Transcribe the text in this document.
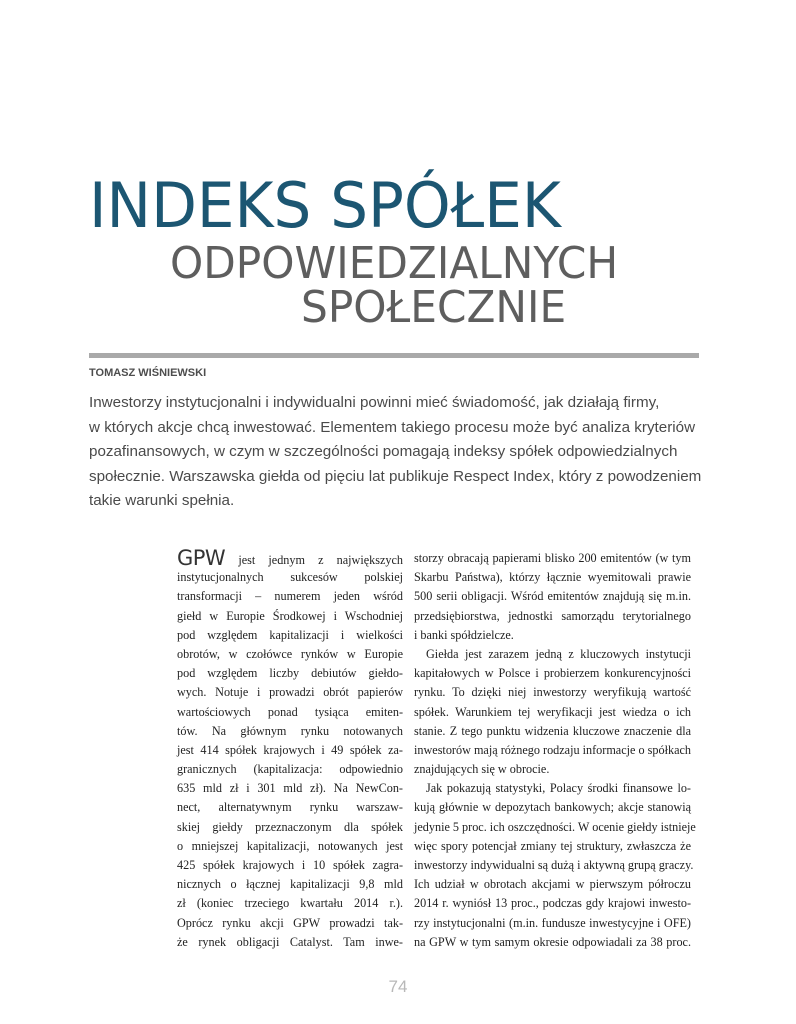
INDEKS SPÓŁEK
ODPOWIEDZIALNYCH
SPOŁECZNIE
TOMASZ WIŚNIEWSKI
Inwestorzy instytucjonalni i indywidualni powinni mieć świadomość, jak działają firmy,
w których akcje chcą inwestować. Elementem takiego procesu może być analiza kryteriów
pozafinansowych, w czym w szczególności pomagają indeksy spółek odpowiedzialnych
społecznie. Warszawska giełda od pięciu lat publikuje Respect Index, który z powodzeniem
takie warunki spełnia.
GPW jest jednym z największych
instytucjonalnych sukcesów polskiej
transformacji – numerem jeden wśród
giełd w Europie Środkowej i Wschodniej
pod względem kapitalizacji i wielkości
obrotów, w czołówce rynków w Europie
pod względem liczby debiutów giełdo-
wych. Notuje i prowadzi obrót papierów
wartościowych ponad tysiąca emiten-
tów. Na głównym rynku notowanych
jest 414 spółek krajowych i 49 spółek za-
granicznych (kapitalizacja: odpowiednio
635 mld zł i 301 mld zł). Na NewCon-
nect, alternatywnym rynku warszaw-
skiej giełdy przeznaczonym dla spółek
o mniejszej kapitalizacji, notowanych jest
425 spółek krajowych i 10 spółek zagra-
nicznych o łącznej kapitalizacji 9,8 mld
zł (koniec trzeciego kwartału 2014 r.).
Oprócz rynku akcji GPW prowadzi tak-
że rynek obligacji Catalyst. Tam inwe-
storzy obracają papierami blisko 200 emitentów (w tym
Skarbu Państwa), którzy łącznie wyemitowali prawie
500 serii obligacji. Wśród emitentów znajdują się m.in.
przedsiębiorstwa, jednostki samorządu terytorialnego
i banki spółdzielcze.
Giełda jest zarazem jedną z kluczowych instytucji
kapitałowych w Polsce i probierzem konkurencyjności
rynku. To dzięki niej inwestorzy weryfikują wartość
spółek. Warunkiem tej weryfikacji jest wiedza o ich
stanie. Z tego punktu widzenia kluczowe znaczenie dla
inwestorów mają różnego rodzaju informacje o spółkach
znajdujących się w obrocie.
Jak pokazują statystyki, Polacy środki finansowe lo-
kują głównie w depozytach bankowych; akcje stanowią
jedynie 5 proc. ich oszczędności. W ocenie giełdy istnieje
więc spory potencjał zmiany tej struktury, zwłaszcza że
inwestorzy indywidualni są dużą i aktywną grupą graczy.
Ich udział w obrotach akcjami w pierwszym półroczu
2014 r. wyniósł 13 proc., podczas gdy krajowi inwesto-
rzy instytucjonalni (m.in. fundusze inwestycyjne i OFE)
na GPW w tym samym okresie odpowiadali za 38 proc.
74
